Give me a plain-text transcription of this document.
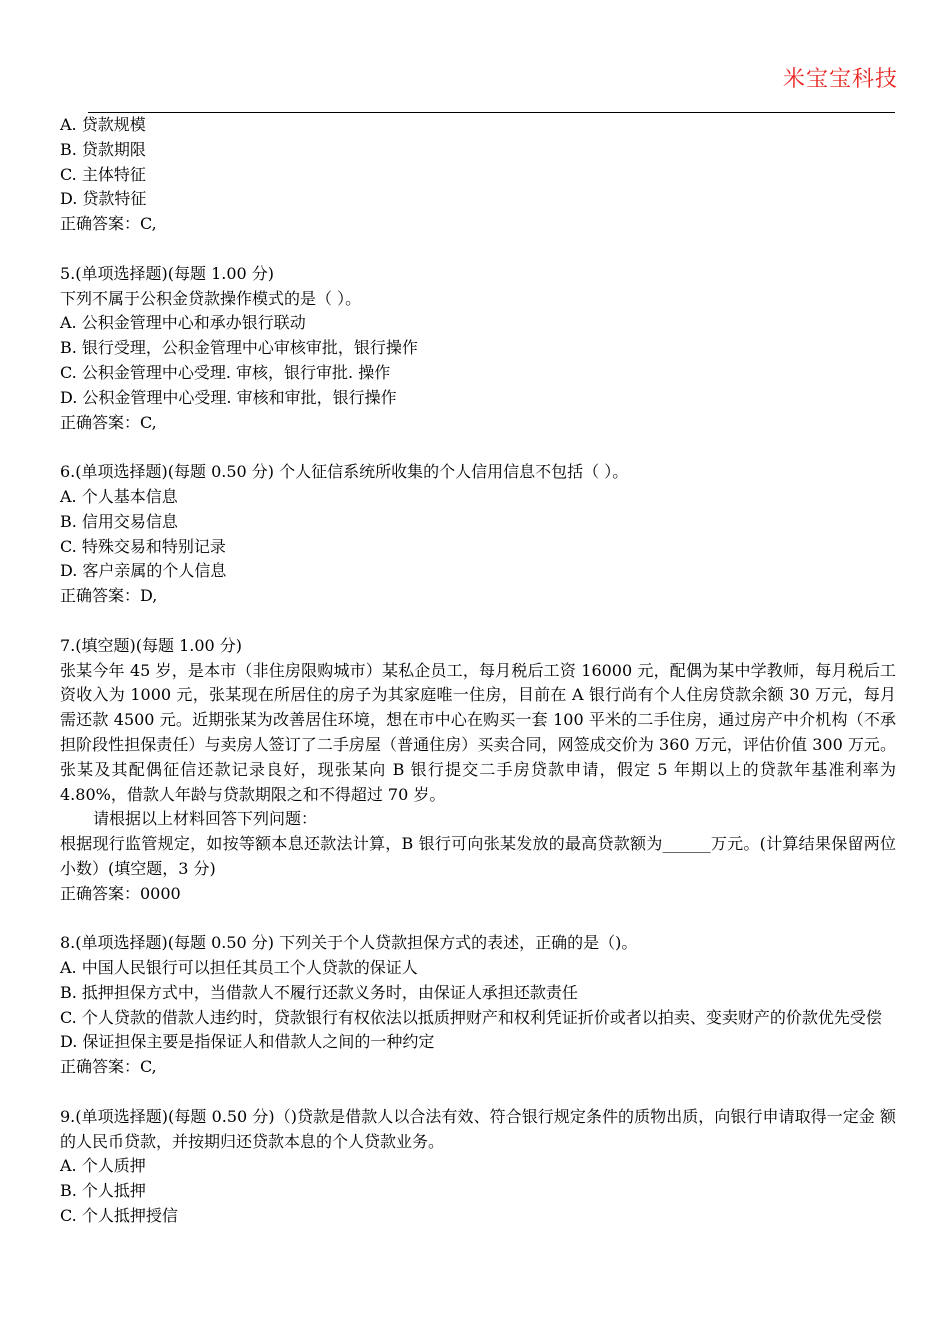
米宝宝科技
A. 贷款规模
B. 贷款期限
C. 主体特征
D. 贷款特征
正确答案：C,
5.(单项选择题)(每题 1.00 分)
下列不属于公积金贷款操作模式的是（ ）。
A. 公积金管理中心和承办银行联动
B. 银行受理，公积金管理中心审核审批，银行操作
C. 公积金管理中心受理. 审核，银行审批. 操作
D. 公积金管理中心受理. 审核和审批，银行操作
正确答案：C,
6.(单项选择题)(每题 0.50 分) 个人征信系统所收集的个人信用信息不包括（ ）。
A. 个人基本信息
B. 信用交易信息
C. 特殊交易和特别记录
D. 客户亲属的个人信息
正确答案：D,
7.(填空题)(每题 1.00 分)
张某今年 45 岁，是本市（非住房限购城市）某私企员工，每月税后工资 16000 元，配偶为某中学教师，每月税后工资收入为 1000 元，张某现在所居住的房子为其家庭唯一住房，目前在 A 银行尚有个人住房贷款余额 30 万元，每月需还款 4500 元。近期张某为改善居住环境，想在市中心在购买一套 100 平米的二手住房，通过房产中介机构（不承担阶段性担保责任）与卖房人签订了二手房屋（普通住房）买卖合同，网签成交价为 360 万元，评估价值 300 万元。张某及其配偶征信还款记录良好，现张某向 B 银行提交二手房贷款申请，假定 5 年期以上的贷款年基准利率为 4.80%，借款人年龄与贷款期限之和不得超过 70 岁。
请根据以上材料回答下列问题：
根据现行监管规定，如按等额本息还款法计算，B 银行可向张某发放的最高贷款额为______万元。(计算结果保留两位小数）(填空题，3 分)
正确答案：0000
8.(单项选择题)(每题 0.50 分) 下列关于个人贷款担保方式的表述，正确的是（)。
A. 中国人民银行可以担任其员工个人贷款的保证人
B. 抵押担保方式中，当借款人不履行还款义务时，由保证人承担还款责任
C. 个人贷款的借款人违约时，贷款银行有权依法以抵质押财产和权利凭证折价或者以拍卖、变卖财产的价款优先受偿
D. 保证担保主要是指保证人和借款人之间的一种约定
正确答案：C,
9.(单项选择题)(每题 0.50 分)（)贷款是借款人以合法有效、符合银行规定条件的质物出质，向银行申请取得一定金 额的人民币贷款，并按期归还贷款本息的个人贷款业务。
A. 个人质押
B. 个人抵押
C. 个人抵押授信
